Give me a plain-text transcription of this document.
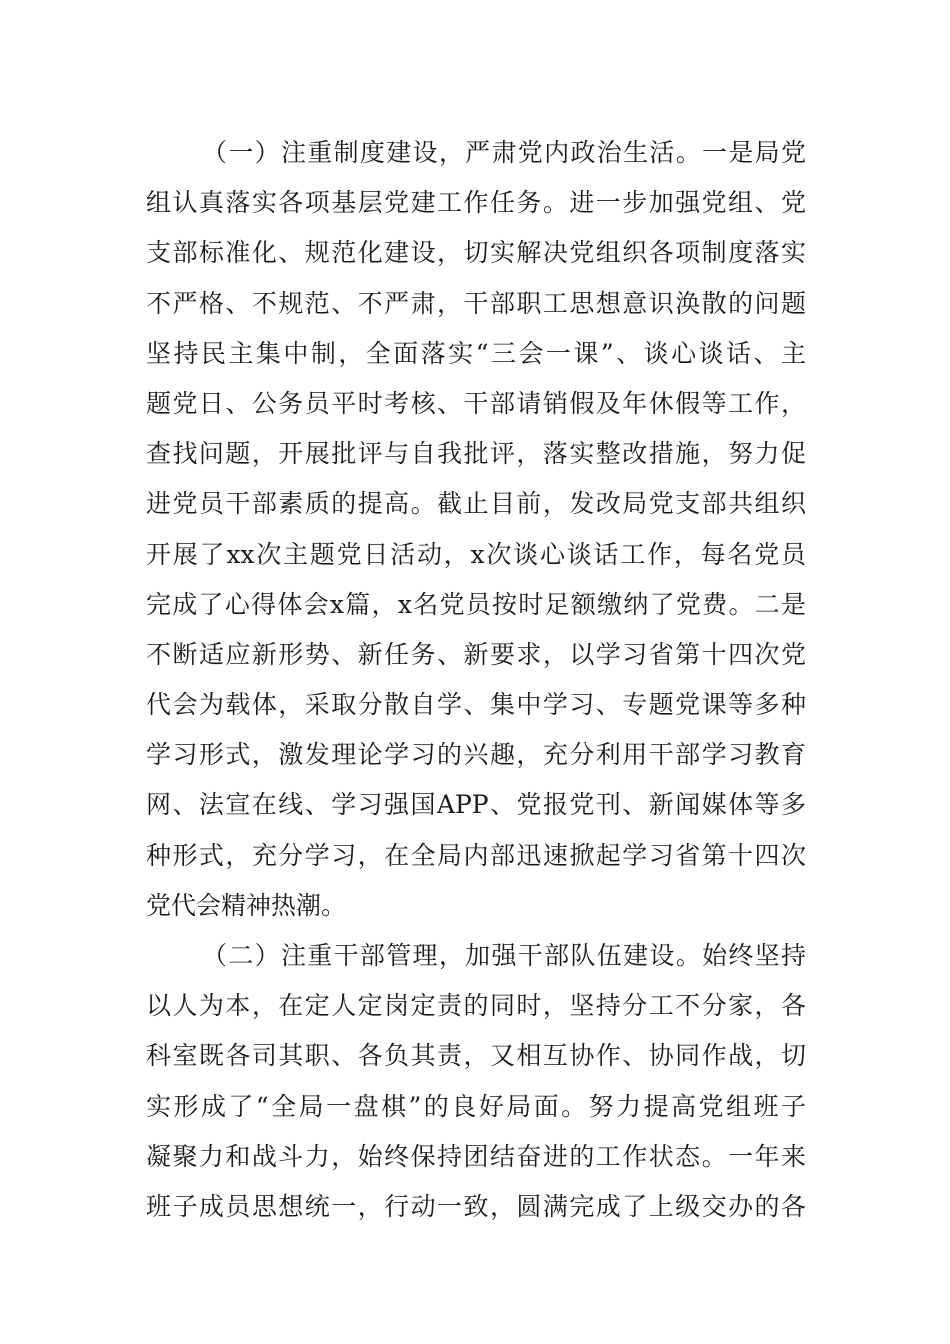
（一）注重制度建设，严肃党内政治生活。一是局党
组认真落实各项基层党建工作任务。进一步加强党组、党
支部标准化、规范化建设，切实解决党组织各项制度落实
不严格、不规范、不严肃，干部职工思想意识涣散的问题
坚持民主集中制，全面落实“三会一课”、谈心谈话、主
题党日、公务员平时考核、干部请销假及年休假等工作，
查找问题，开展批评与自我批评，落实整改措施，努力促
进党员干部素质的提高。截止目前，发改局党支部共组织
开展了xx次主题党日活动，x次谈心谈话工作，每名党员
完成了心得体会x篇，x名党员按时足额缴纳了党费。二是
不断适应新形势、新任务、新要求，以学习省第十四次党
代会为载体，采取分散自学、集中学习、专题党课等多种
学习形式，激发理论学习的兴趣，充分利用干部学习教育
网、法宣在线、学习强国APP、党报党刊、新闻媒体等多
种形式，充分学习，在全局内部迅速掀起学习省第十四次
党代会精神热潮。
（二）注重干部管理，加强干部队伍建设。始终坚持
以人为本，在定人定岗定责的同时，坚持分工不分家，各
科室既各司其职、各负其责，又相互协作、协同作战，切
实形成了“全局一盘棋”的良好局面。努力提高党组班子
凝聚力和战斗力，始终保持团结奋进的工作状态。一年来
班子成员思想统一，行动一致，圆满完成了上级交办的各
